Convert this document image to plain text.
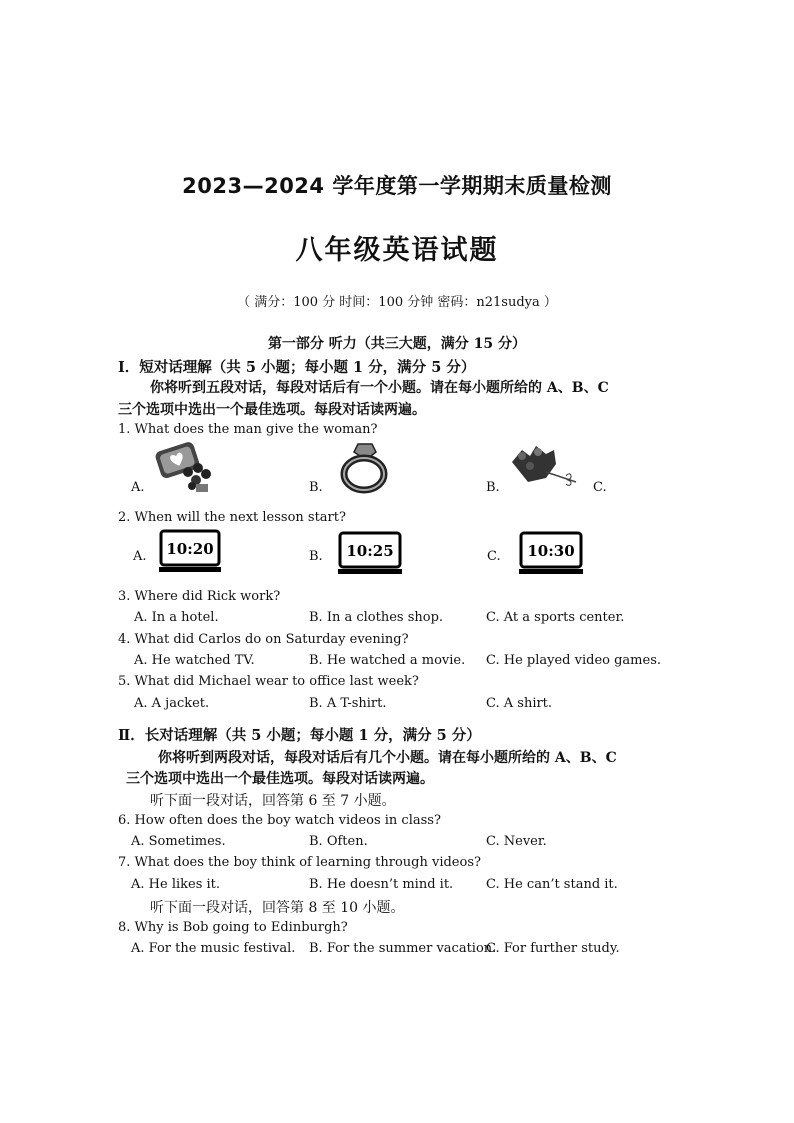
2023—2024 学年度第一学期期末质量检测
八年级英语试题
（ 满分：100 分 时间：100 分钟 密码：n21sudya ）
第一部分 听力（共三大题，满分 15 分）
Ⅰ．短对话理解（共 5 小题；每小题 1 分，满分 5 分）
你将听到五段对话，每段对话后有一个小题。请在每小题所给的 A、B、C
三个选项中选出一个最佳选项。每段对话读两遍。
1. What does the man give the woman?
A.	B.	B.	C.
2. When will the next lesson start?
A. 10:20	B. 10:25	C. 10:30
3. Where did Rick work?
A. In a hotel.	B. In a clothes shop.	C. At a sports center.
4. What did Carlos do on Saturday evening?
A. He watched TV.	B. He watched a movie. C. He played video games.
5. What did Michael wear to office last week?
A. A jacket.	B. A T-shirt.	C. A shirt.
Ⅱ．长对话理解（共 5 小题；每小题 1 分，满分 5 分）
你将听到两段对话，每段对话后有几个小题。请在每小题所给的 A、B、C
三个选项中选出一个最佳选项。每段对话读两遍。
听下面一段对话，回答第 6 至 7 小题。
6. How often does the boy watch videos in class?
A. Sometimes.	B. Often.	C. Never.
7. What does the boy think of learning through videos?
A. He likes it.	B. He doesn’t mind it.	C. He can’t stand it.
听下面一段对话，回答第 8 至 10 小题。
8. Why is Bob going to Edinburgh?
A. For the music festival. B. For the summer vacation.
C. For further study.
